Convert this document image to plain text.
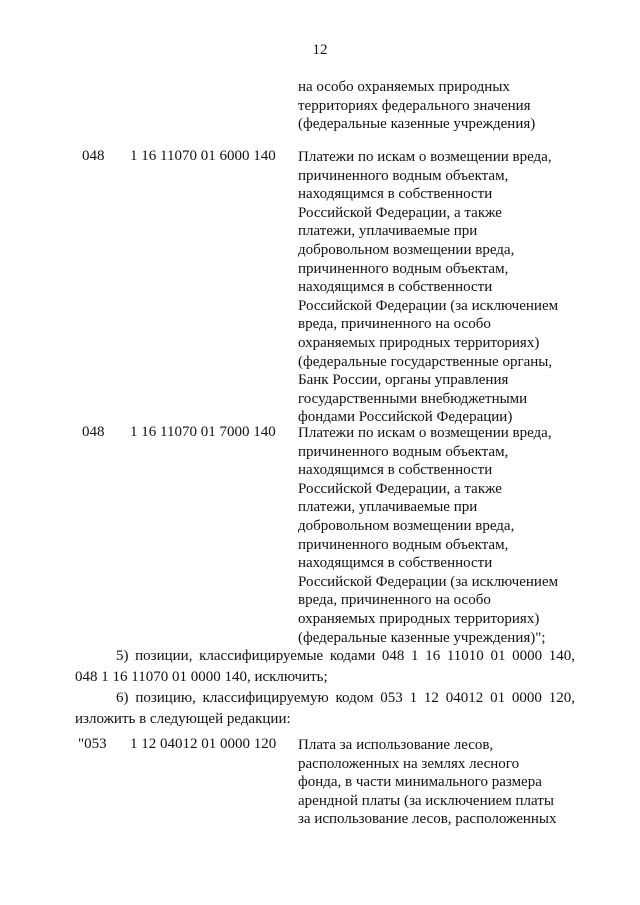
12
на особо охраняемых природных
территориях федерального значения
(федеральные казенные учреждения)
048 1 16 11070 01 6000 140 Платежи по искам о возмещении вреда,
причиненного водным объектам,
находящимся в собственности
Российской Федерации, а также
платежи, уплачиваемые при
добровольном возмещении вреда,
причиненного водным объектам,
находящимся в собственности
Российской Федерации (за исключением
вреда, причиненного на особо
охраняемых природных территориях)
(федеральные государственные органы,
Банк России, органы управления
государственными внебюджетными
фондами Российской Федерации)
048 1 16 11070 01 7000 140 Платежи по искам о возмещении вреда,
причиненного водным объектам,
находящимся в собственности
Российской Федерации, а также
платежи, уплачиваемые при
добровольном возмещении вреда,
причиненного водным объектам,
находящимся в собственности
Российской Федерации (за исключением
вреда, причиненного на особо
охраняемых природных территориях)
(федеральные казенные учреждения)";
5) позиции, классифицируемые кодами 048 1 16 11010 01 0000 140,
048 1 16 11070 01 0000 140, исключить;
6) позицию, классифицируемую кодом 053 1 12 04012 01 0000 120,
изложить в следующей редакции:
"053 1 12 04012 01 0000 120 Плата за использование лесов,
расположенных на землях лесного
фонда, в части минимального размера
арендной платы (за исключением платы
за использование лесов, расположенных
